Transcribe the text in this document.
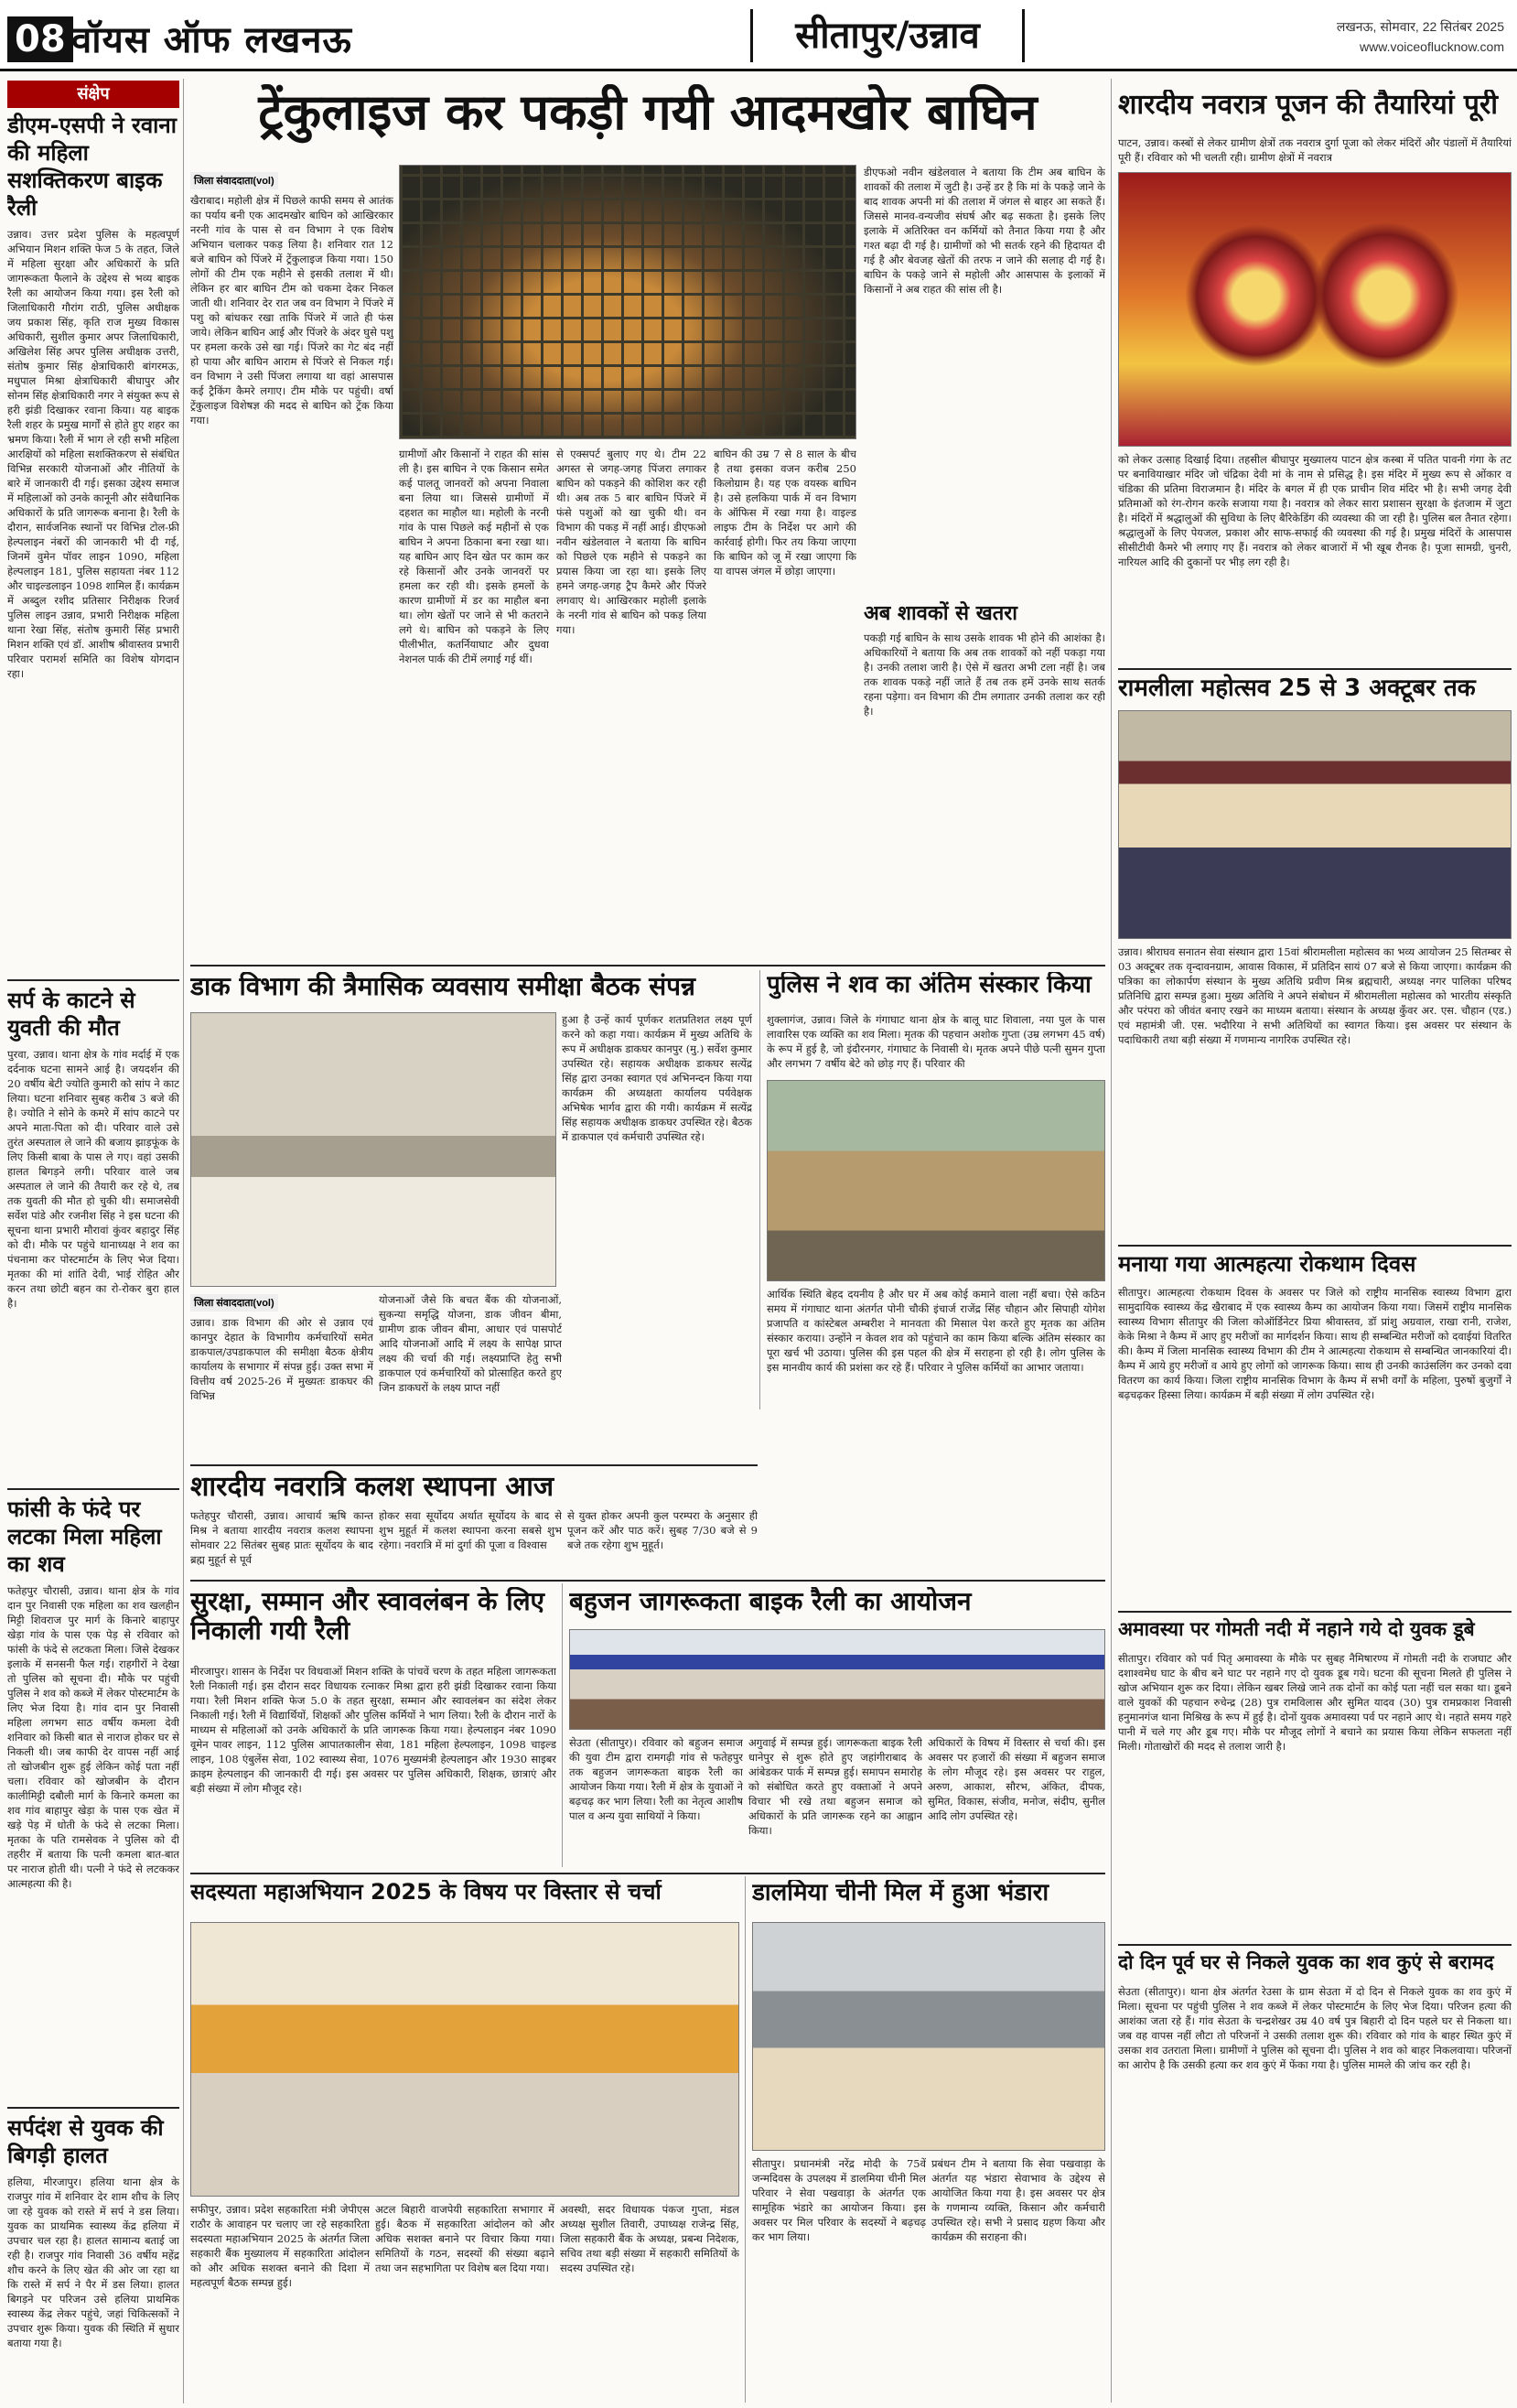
08 वॉयस ऑफ लखनऊ	सीतापुर/उन्नाव	लखनऊ, सोमवार, 22 सितंबर 2025
www.voiceoflucknow.com
संक्षेप
डीएम-एसपी ने रवाना की महिला सशक्तिकरण बाइक रैली
उन्नाव। उत्तर प्रदेश पुलिस के महत्वपूर्ण अभियान मिशन शक्ति फेज 5 के तहत, जिले में महिला सुरक्षा और अधिकारों के प्रति जागरूकता फैलाने के उद्देश्य से भव्य बाइक रैली का आयोजन किया गया। इस रैली को जिलाधिकारी गौरांग राठी, पुलिस अधीक्षक जय प्रकाश सिंह, कृति राज मुख्य विकास अधिकारी, सुशील कुमार अपर जिलाधिकारी, अखिलेश सिंह अपर पुलिस अधीक्षक उत्तरी, संतोष कुमार सिंह क्षेत्राधिकारी बांगरमऊ, मधुपाल मिश्रा क्षेत्राधिकारी बीघापुर और सोनम सिंह क्षेत्राधिकारी नगर ने संयुक्त रूप से हरी झंडी दिखाकर रवाना किया। यह बाइक रैली शहर के प्रमुख मार्गों से होते हुए शहर का भ्रमण किया। रैली में भाग ले रही सभी महिला आरक्षियों को महिला सशक्तिकरण से संबंधित विभिन्न सरकारी योजनाओं और नीतियों के बारे में जानकारी दी गई। इसका उद्देश्य समाज में महिलाओं को उनके कानूनी और संवैधानिक अधिकारों के प्रति जागरूक बनाना है। रैली के दौरान, सार्वजनिक स्थानों पर विभिन्न टोल-फ्री हेल्पलाइन नंबरों की जानकारी भी दी गई, जिनमें वुमेन पॉवर लाइन 1090, महिला हेल्पलाइन 181, पुलिस सहायता नंबर 112 और चाइल्डलाइन 1098 शामिल हैं। कार्यक्रम में अब्दुल रशीद प्रतिसार निरीक्षक रिजर्व पुलिस लाइन उन्नाव, प्रभारी निरीक्षक महिला थाना रेखा सिंह, संतोष कुमारी सिंह प्रभारी मिशन शक्ति एवं डॉ. आशीष श्रीवास्तव प्रभारी परिवार परामर्श समिति का विशेष योगदान रहा।
सर्प के काटने से युवती की मौत
पुरवा, उन्नाव। थाना क्षेत्र के गांव मर्दाई में एक दर्दनाक घटना सामने आई है। जयदर्शन की 20 वर्षीय बेटी ज्योति कुमारी को सांप ने काट लिया। घटना शनिवार सुबह करीब 3 बजे की है। ज्योति ने सोने के कमरे में सांप काटने पर अपने माता-पिता को दी। परिवार वाले उसे तुरंत अस्पताल ले जाने की बजाय झाड़फूंक के लिए किसी बाबा के पास ले गए। वहां उसकी हालत बिगड़ने लगी। परिवार वाले जब अस्पताल ले जाने की तैयारी कर रहे थे, तब तक युवती की मौत हो चुकी थी। समाजसेवी सर्वेश पांडे और रजनीश सिंह ने इस घटना की सूचना थाना प्रभारी मौरावां कुंवर बहादुर सिंह को दी। मौके पर पहुंचे थानाध्यक्ष ने शव का पंचनामा कर पोस्टमार्टम के लिए भेज दिया। मृतका की मां शांति देवी, भाई रोहित और करन तथा छोटी बहन का रो-रोकर बुरा हाल है।
फांसी के फंदे पर लटका मिला महिला का शव
फतेहपुर चौरासी, उन्नाव। थाना क्षेत्र के गांव दान पुर निवासी एक महिला का शव खलहीन मिट्टी शिवराज पुर मार्ग के किनारे बाहापुर खेड़ा गांव के पास एक पेड़ से रविवार को फांसी के फंदे से लटकता मिला। जिसे देखकर इलाके में सनसनी फैल गई। राहगीरों ने देखा तो पुलिस को सूचना दी। मौके पर पहुंची पुलिस ने शव को कब्जे में लेकर पोस्टमार्टम के लिए भेज दिया है। गांव दान पुर निवासी महिला लगभग साठ वर्षीय कमला देवी शनिवार को किसी बात से नाराज होकर घर से निकली थी। जब काफी देर वापस नहीं आई तो खोजबीन शुरू हुई लेकिन कोई पता नहीं चला। रविवार को खोजबीन के दौरान कालीमिट्टी दबौली मार्ग के किनारे कमला का शव गांव बाहापुर खेड़ा के पास एक खेत में खड़े पेड़ में धोती के फंदे से लटका मिला। मृतका के पति रामसेवक ने पुलिस को दी तहरीर में बताया कि पत्नी कमला बात-बात पर नाराज होती थी। पत्नी ने फंदे से लटककर आत्महत्या की है।
सर्पदंश से युवक की बिगड़ी हालत
हलिया, मीरजापुर। हलिया थाना क्षेत्र के राजपुर गांव में शनिवार देर शाम शौच के लिए जा रहे युवक को रास्ते में सर्प ने डस लिया। युवक का प्राथमिक स्वास्थ्य केंद्र हलिया में उपचार चल रहा है। हालत सामान्य बताई जा रही है। राजपुर गांव निवासी 36 वर्षीय महेंद्र शौच करने के लिए खेत की ओर जा रहा था कि रास्ते में सर्प ने पैर में डस लिया। हालत बिगड़ने पर परिजन उसे हलिया प्राथमिक स्वास्थ्य केंद्र लेकर पहुंचे, जहां चिकित्सकों ने उपचार शुरू किया। युवक की स्थिति में सुधार बताया गया है।
ट्रेंकुलाइज कर पकड़ी गयी आदमखोर बाघिन
जिला संवाददाता(vol)
खैराबाद। महोली क्षेत्र में पिछले काफी समय से आतंक का पर्याय बनी एक आदमखोर बाघिन को आखिरकार नरनी गांव के पास से वन विभाग ने एक विशेष अभियान चलाकर पकड़ लिया है। शनिवार रात 12 बजे बाघिन को पिंजरे में ट्रेंकुलाइज किया गया। 150 लोगों की टीम एक महीने से इसकी तलाश में थी। लेकिन हर बार बाघिन टीम को चकमा देकर निकल जाती थी। शनिवार देर रात जब वन विभाग ने पिंजरे में पशु को बांधकर रखा ताकि पिंजरे में जाते ही फंस जाये। लेकिन बाघिन आई और पिंजरे के अंदर घुसे पशु पर हमला करके उसे खा गई। पिंजरे का गेट बंद नहीं हो पाया और बाघिन आराम से पिंजरे से निकल गई। वन विभाग ने उसी पिंजरा लगाया था वहां आसपास कई ट्रैकिंग कैमरे लगाए। टीम मौके पर पहुंची। वर्षा ट्रेंकुलाइज विशेषज्ञ की मदद से बाघिन को ट्रेंक किया गया।
डीएफओ नवीन खंडेलवाल ने बताया कि टीम अब बाघिन के शावकों की तलाश में जुटी है। उन्हें डर है कि मां के पकड़े जाने के बाद शावक अपनी मां की तलाश में जंगल से बाहर आ सकते हैं। जिससे मानव-वन्यजीव संघर्ष और बढ़ सकता है। इसके लिए इलाके में अतिरिक्त वन कर्मियों को तैनात किया गया है और गश्त बढ़ा दी गई है। ग्रामीणों को भी सतर्क रहने की हिदायत दी गई है और बेवजह खेतों की तरफ न जाने की सलाह दी गई है। बाघिन के पकड़े जाने से महोली और आसपास के इलाकों में किसानों ने अब राहत की सांस ली है।
ग्रामीणों और किसानों ने राहत की सांस ली है। इस बाघिन ने एक किसान समेत कई पालतू जानवरों को अपना निवाला बना लिया था। जिससे ग्रामीणों में दहशत का माहौल था। महोली के नरनी गांव के पास पिछले कई महीनों से एक बाघिन ने अपना ठिकाना बना रखा था। यह बाघिन आए दिन खेत पर काम कर रहे किसानों और उनके जानवरों पर हमला कर रही थी। इसके हमलों के कारण ग्रामीणों में डर का माहौल बना था। लोग खेतों पर जाने से भी कतराने लगे थे। बाघिन को पकड़ने के लिए पीलीभीत, कतर्नियाघाट और दुधवा नेशनल पार्क की टीमें लगाई गई थीं।
से एक्सपर्ट बुलाए गए थे। टीम 22 अगस्त से जगह-जगह पिंजरा लगाकर बाघिन को पकड़ने की कोशिश कर रही थी। अब तक 5 बार बाघिन पिंजरे में फंसे पशुओं को खा चुकी थी। वन विभाग की पकड़ में नहीं आई। डीएफओ नवीन खंडेलवाल ने बताया कि बाघिन को पिछले एक महीने से पकड़ने का प्रयास किया जा रहा था। इसके लिए हमने जगह-जगह ट्रैप कैमरे और पिंजरे लगवाए थे। आखिरकार महोली इलाके के नरनी गांव से बाघिन को पकड़ लिया गया।
बाघिन की उम्र 7 से 8 साल के बीच है तथा इसका वजन करीब 250 किलोग्राम है। यह एक वयस्क बाघिन है। उसे हलकिया पार्क में वन विभाग के ऑफिस में रखा गया है। वाइल्ड लाइफ टीम के निर्देश पर आगे की कार्रवाई होगी। फिर तय किया जाएगा कि बाघिन को जू में रखा जाएगा कि या वापस जंगल में छोड़ा जाएगा।
अब शावकों से खतरा
पकड़ी गई बाघिन के साथ उसके शावक भी होने की आशंका है। अधिकारियों ने बताया कि अब तक शावकों को नहीं पकड़ा गया है। उनकी तलाश जारी है। ऐसे में खतरा अभी टला नहीं है। जब तक शावक पकड़े नहीं जाते हैं तब तक हमें उनके साथ सतर्क रहना पड़ेगा। वन विभाग की टीम लगातार उनकी तलाश कर रही है।
शारदीय नवरात्र पूजन की तैयारियां पूरी
पाटन, उन्नाव। कस्बों से लेकर ग्रामीण क्षेत्रों तक नवरात्र दुर्गा पूजा को लेकर मंदिरों और पंडालों में तैयारियां पूरी हैं। रविवार को भी चलती रही। ग्रामीण क्षेत्रों में नवरात्र
को लेकर उत्साह दिखाई दिया। तहसील बीघापुर मुख्यालय पाटन क्षेत्र कस्बा में पतित पावनी गंगा के तट पर बनावियाखार मंदिर जो चंद्रिका देवी मां के नाम से प्रसिद्ध है। इस मंदिर में मुख्य रूप से ओंकार व चंडिका की प्रतिमा विराजमान है। मंदिर के बगल में ही एक प्राचीन शिव मंदिर भी है। सभी जगह देवी प्रतिमाओं को रंग-रोगन करके सजाया गया है। नवरात्र को लेकर सारा प्रशासन सुरक्षा के इंतजाम में जुटा है। मंदिरों में श्रद्धालुओं की सुविधा के लिए बैरिकेडिंग की व्यवस्था की जा रही है। पुलिस बल तैनात रहेगा। श्रद्धालुओं के लिए पेयजल, प्रकाश और साफ-सफाई की व्यवस्था की गई है। प्रमुख मंदिरों के आसपास सीसीटीवी कैमरे भी लगाए गए हैं। नवरात्र को लेकर बाजारों में भी खूब रौनक है। पूजा सामग्री, चुनरी, नारियल आदि की दुकानों पर भीड़ लग रही है।
रामलीला महोत्सव 25 से 3 अक्टूबर तक
उन्नाव। श्रीराघव सनातन सेवा संस्थान द्वारा 15वां श्रीरामलीला महोत्सव का भव्य आयोजन 25 सितम्बर से 03 अक्टूबर तक वृन्दावनग्राम, आवास विकास, में प्रतिदिन सायं 07 बजे से किया जाएगा। कार्यक्रम की पत्रिका का लोकार्पण संस्थान के मुख्य अतिथि प्रवीण मिश्र ब्रह्मचारी, अध्यक्ष नगर पालिका परिषद प्रतिनिधि द्वारा सम्पन्न हुआ। मुख्य अतिथि ने अपने संबोधन में श्रीरामलीला महोत्सव को भारतीय संस्कृति और परंपरा को जीवंत बनाए रखने का माध्यम बताया। संस्थान के अध्यक्ष कुँवर अर. एस. चौहान (एड.) एवं महामंत्री जी. एस. भदौरिया ने सभी अतिथियों का स्वागत किया। इस अवसर पर संस्थान के पदाधिकारी तथा बड़ी संख्या में गणमान्य नागरिक उपस्थित रहे।
मनाया गया आत्महत्या रोकथाम दिवस
सीतापुर। आत्महत्या रोकथाम दिवस के अवसर पर जिले को राष्ट्रीय मानसिक स्वास्थ्य विभाग द्वारा सामुदायिक स्वास्थ्य केंद्र खैराबाद में एक स्वास्थ्य कैम्प का आयोजन किया गया। जिसमें राष्ट्रीय मानसिक स्वास्थ्य विभाग सीतापुर की जिला कोऑर्डिनेटर प्रिया श्रीवास्तव, डॉ प्रांशु अग्रवाल, राखा रानी, राजेश, केके मिश्रा ने कैम्प में आए हुए मरीजों का मार्गदर्शन किया। साथ ही सम्बन्धित मरीजों को दवाईयां वितरित की। कैम्प में जिला मानसिक स्वास्थ्य विभाग की टीम ने आत्महत्या रोकथाम से सम्बन्धित जानकारियां दी। कैम्प में आये हुए मरीजों व आये हुए लोगों को जागरूक किया। साथ ही उनकी काउंसलिंग कर उनको दवा वितरण का कार्य किया। जिला राष्ट्रीय मानसिक विभाग के कैम्प में सभी वर्गों के महिला, पुरुषों बुजुर्गों ने बढ़चढ़कर हिस्सा लिया। कार्यक्रम में बड़ी संख्या में लोग उपस्थित रहे।
अमावस्या पर गोमती नदी में नहाने गये दो युवक डूबे
सीतापुर। रविवार को पर्व पितृ अमावस्या के मौके पर सुबह नैमिषारण्य में गोमती नदी के राजघाट और दशाश्वमेध घाट के बीच बने घाट पर नहाने गए दो युवक डूब गये। घटना की सूचना मिलते ही पुलिस ने खोज अभियान शुरू कर दिया। लेकिन खबर लिखे जाने तक दोनों का कोई पता नहीं चल सका था। डूबने वाले युवकों की पहचान रुचेन्द्र (28) पुत्र रामविलास और सुमित यादव (30) पुत्र रामप्रकाश निवासी हनुमानगंज थाना मिश्रिख के रूप में हुई है। दोनों युवक अमावस्या पर्व पर नहाने आए थे। नहाते समय गहरे पानी में चले गए और डूब गए। मौके पर मौजूद लोगों ने बचाने का प्रयास किया लेकिन सफलता नहीं मिली। गोताखोरों की मदद से तलाश जारी है।
दो दिन पूर्व घर से निकले युवक का शव कुएं से बरामद
सेउता (सीतापुर)। थाना क्षेत्र अंतर्गत रेउसा के ग्राम सेउता में दो दिन से निकले युवक का शव कुएं में मिला। सूचना पर पहुंची पुलिस ने शव कब्जे में लेकर पोस्टमार्टम के लिए भेज दिया। परिजन हत्या की आशंका जता रहे हैं। गांव सेउता के चन्द्रशेखर उम्र 40 वर्ष पुत्र बिहारी दो दिन पहले घर से निकला था। जब वह वापस नहीं लौटा तो परिजनों ने उसकी तलाश शुरू की। रविवार को गांव के बाहर स्थित कुएं में उसका शव उतराता मिला। ग्रामीणों ने पुलिस को सूचना दी। पुलिस ने शव को बाहर निकलवाया। परिजनों का आरोप है कि उसकी हत्या कर शव कुएं में फेंका गया है। पुलिस मामले की जांच कर रही है।
डाक विभाग की त्रैमासिक व्यवसाय समीक्षा बैठक संपन्न
हुआ है उन्हें कार्य पूर्णकर शतप्रतिशत लक्ष्य पूर्ण करने को कहा गया। कार्यक्रम में मुख्य अतिथि के रूप में अधीक्षक डाकघर कानपुर (मु.) सर्वेश कुमार उपस्थित रहे। सहायक अधीक्षक डाकघर सत्येंद्र सिंह द्वारा उनका स्वागत एवं अभिनन्दन किया गया कार्यक्रम की अध्यक्षता कार्यालय पर्यवेक्षक अभिषेक भार्गव द्वारा की गयी। कार्यक्रम में सत्येंद्र सिंह सहायक अधीक्षक डाकघर उपस्थित रहे। बैठक में डाकपाल एवं कर्मचारी उपस्थित रहे।
जिला संवाददाता(vol)
उन्नाव। डाक विभाग की ओर से उन्नाव एवं कानपुर देहात के विभागीय कर्मचारियों समेत डाकपाल/उपडाकपाल की समीक्षा बैठक क्षेत्रीय कार्यालय के सभागार में संपन्न हुई। उक्त सभा में वित्तीय वर्ष 2025-26 में मुख्यतः डाकघर की विभिन्न
योजनाओं जैसे कि बचत बैंक की योजनाओं, सुकन्या समृद्धि योजना, डाक जीवन बीमा, ग्रामीण डाक जीवन बीमा, आधार एवं पासपोर्ट आदि योजनाओं आदि में लक्ष्य के सापेक्ष प्राप्त लक्ष्य की चर्चा की गई। लक्ष्यप्राप्ति हेतु सभी डाकपाल एवं कर्मचारियों को प्रोत्साहित करते हुए जिन डाकघरों के लक्ष्य प्राप्त नहीं
पुलिस ने शव का अंतिम संस्कार किया
शुक्लागंज, उन्नाव। जिले के गंगाघाट थाना क्षेत्र के बालू घाट शिवाला, नया पुल के पास लावारिस एक व्यक्ति का शव मिला। मृतक की पहचान अशोक गुप्ता (उम्र लगभग 45 वर्ष) के रूप में हुई है, जो इंदौरनगर, गंगाघाट के निवासी थे। मृतक अपने पीछे पत्नी सुमन गुप्ता और लगभग 7 वर्षीय बेटे को छोड़ गए हैं। परिवार की
आर्थिक स्थिति बेहद दयनीय है और घर में अब कोई कमाने वाला नहीं बचा। ऐसे कठिन समय में गंगाघाट थाना अंतर्गत पोनी चौकी इंचार्ज राजेंद्र सिंह चौहान और सिपाही योगेश प्रजापति व कांस्टेबल अम्बरीश ने मानवता की मिसाल पेश करते हुए मृतक का अंतिम संस्कार कराया। उन्होंने न केवल शव को पहुंचाने का काम किया बल्कि अंतिम संस्कार का पूरा खर्च भी उठाया। पुलिस की इस पहल की क्षेत्र में सराहना हो रही है। लोग पुलिस के इस मानवीय कार्य की प्रशंसा कर रहे हैं। परिवार ने पुलिस कर्मियों का आभार जताया।
शारदीय नवरात्रि कलश स्थापना आज
फतेहपुर चौरासी, उन्नाव। आचार्य ऋषि कान्त मिश्र ने बताया शारदीय नवरात्र कलश स्थापना सोमवार 22 सितंबर सुबह प्रातः सूर्योदय के बाद ब्रह्म मुहूर्त से पूर्व
होकर सवा सूर्योदय अर्थात सूर्योदय के बाद से शुभ मुहूर्त में कलश स्थापना करना सबसे शुभ रहेगा। नवरात्रि में मां दुर्गा की पूजा व विश्वास
से युक्त होकर अपनी कुल परम्परा के अनुसार ही पूजन करें और पाठ करें। सुबह 7/30 बजे से 9 बजे तक रहेगा शुभ मुहूर्त।
सुरक्षा, सम्मान और स्वावलंबन के लिए निकाली गयी रैली
मीरजापुर। शासन के निर्देश पर विधवाओं मिशन शक्ति के पांचवें चरण के तहत महिला जागरूकता रैली निकाली गई। इस दौरान सदर विधायक रत्नाकर मिश्रा द्वारा हरी झंडी दिखाकर रवाना किया गया। रैली मिशन शक्ति फेज 5.0 के तहत सुरक्षा, सम्मान और स्वावलंबन का संदेश लेकर निकाली गई। रैली में विद्यार्थियों, शिक्षकों और पुलिस कर्मियों ने भाग लिया। रैली के दौरान नारों के माध्यम से महिलाओं को उनके अधिकारों के प्रति जागरूक किया गया। हेल्पलाइन नंबर 1090 वूमेन पावर लाइन, 112 पुलिस आपातकालीन सेवा, 181 महिला हेल्पलाइन, 1098 चाइल्ड लाइन, 108 एंबुलेंस सेवा, 102 स्वास्थ्य सेवा, 1076 मुख्यमंत्री हेल्पलाइन और 1930 साइबर क्राइम हेल्पलाइन की जानकारी दी गई। इस अवसर पर पुलिस अधिकारी, शिक्षक, छात्राएं और बड़ी संख्या में लोग मौजूद रहे।
बहुजन जागरूकता बाइक रैली का आयोजन
सेउता (सीतापुर)। रविवार को बहुजन समाज की युवा टीम द्वारा रामगढ़ी गांव से फतेहपुर तक बहुजन जागरूकता बाइक रैली का आयोजन किया गया। रैली में क्षेत्र के युवाओं ने बढ़चढ़ कर भाग लिया। रैली का नेतृत्व आशीष पाल व अन्य युवा साथियों ने किया।
अगुवाई में सम्पन्न हुई। जागरूकता बाइक रैली धानेपुर से शुरू होते हुए जहांगीराबाद के आंबेडकर पार्क में सम्पन्न हुई। समापन समारोह को संबोधित करते हुए वक्ताओं ने अपने विचार भी रखे तथा बहुजन समाज को अधिकारों के प्रति जागरूक रहने का आह्वान किया।
अधिकारों के विषय में विस्तार से चर्चा की। इस अवसर पर हजारों की संख्या में बहुजन समाज के लोग मौजूद रहे। इस अवसर पर राहुल, अरुण, आकाश, सौरभ, अंकित, दीपक, सुमित, विकास, संजीव, मनोज, संदीप, सुनील आदि लोग उपस्थित रहे।
सदस्यता महाअभियान 2025 के विषय पर विस्तार से चर्चा
सफीपुर, उन्नाव। प्रदेश सहकारिता मंत्री जेपीएस राठौर के आवाहन पर चलाए जा रहे सहकारिता सदस्यता महाअभियान 2025 के अंतर्गत जिला सहकारी बैंक मुख्यालय में सहकारिता आंदोलन को और अधिक सशक्त बनाने की दिशा में महत्वपूर्ण बैठक सम्पन्न हुई।
अटल बिहारी वाजपेयी सहकारिता सभागार में हुई। बैठक में सहकारिता आंदोलन को और अधिक सशक्त बनाने पर विचार किया गया। समितियों के गठन, सदस्यों की संख्या बढ़ाने तथा जन सहभागिता पर विशेष बल दिया गया।
अवस्थी, सदर विधायक पंकज गुप्ता, मंडल अध्यक्ष सुशील तिवारी, उपाध्यक्ष राजेन्द्र सिंह, जिला सहकारी बैंक के अध्यक्ष, प्रबन्ध निदेशक, सचिव तथा बड़ी संख्या में सहकारी समितियों के सदस्य उपस्थित रहे।
डालमिया चीनी मिल में हुआ भंडारा
सीतापुर। प्रधानमंत्री नरेंद्र मोदी के 75वें जन्मदिवस के उपलक्ष्य में डालमिया चीनी मिल परिवार ने सेवा पखवाड़ा के अंतर्गत एक सामूहिक भंडारे का आयोजन किया। इस अवसर पर मिल परिवार के सदस्यों ने बढ़चढ़ कर भाग लिया।
प्रबंधन टीम ने बताया कि सेवा पखवाड़ा के अंतर्गत यह भंडारा सेवाभाव के उद्देश्य से आयोजित किया गया है। इस अवसर पर क्षेत्र के गणमान्य व्यक्ति, किसान और कर्मचारी उपस्थित रहे। सभी ने प्रसाद ग्रहण किया और कार्यक्रम की सराहना की।
